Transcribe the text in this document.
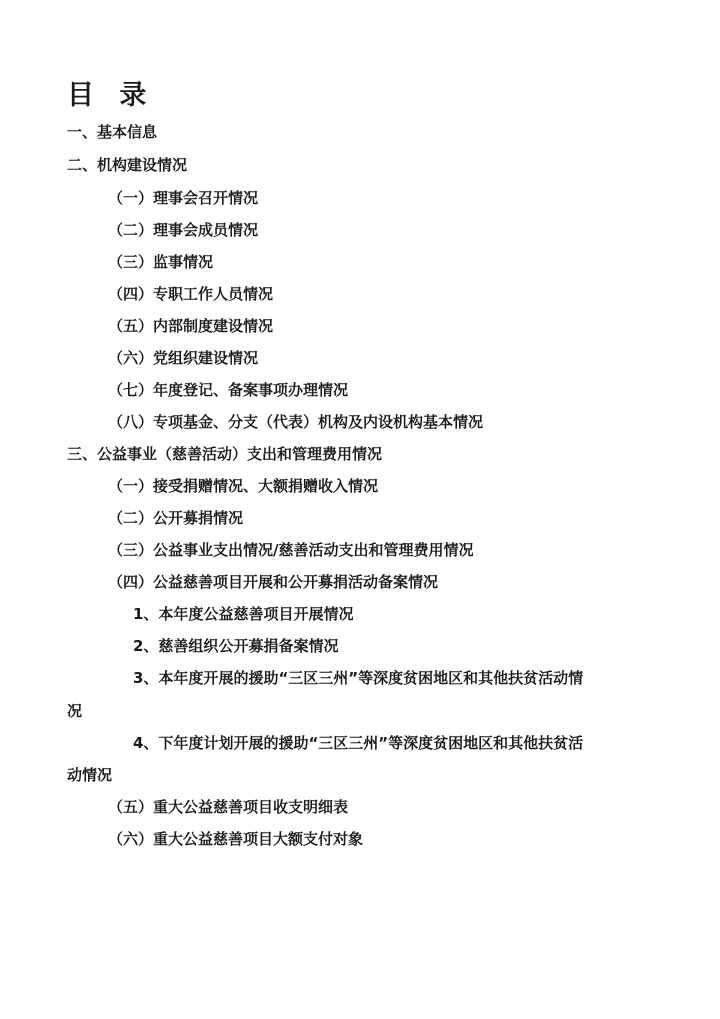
目 录
一、基本信息
二、机构建设情况
（一）理事会召开情况
（二）理事会成员情况
（三）监事情况
（四）专职工作人员情况
（五）内部制度建设情况
（六）党组织建设情况
（七）年度登记、备案事项办理情况
（八）专项基金、分支（代表）机构及内设机构基本情况
三、公益事业（慈善活动）支出和管理费用情况
（一）接受捐赠情况、大额捐赠收入情况
（二）公开募捐情况
（三）公益事业支出情况/慈善活动支出和管理费用情况
（四）公益慈善项目开展和公开募捐活动备案情况
1、本年度公益慈善项目开展情况
2、慈善组织公开募捐备案情况
3、本年度开展的援助“三区三州”等深度贫困地区和其他扶贫活动情
况
4、下年度计划开展的援助“三区三州”等深度贫困地区和其他扶贫活
动情况
（五）重大公益慈善项目收支明细表
（六）重大公益慈善项目大额支付对象
